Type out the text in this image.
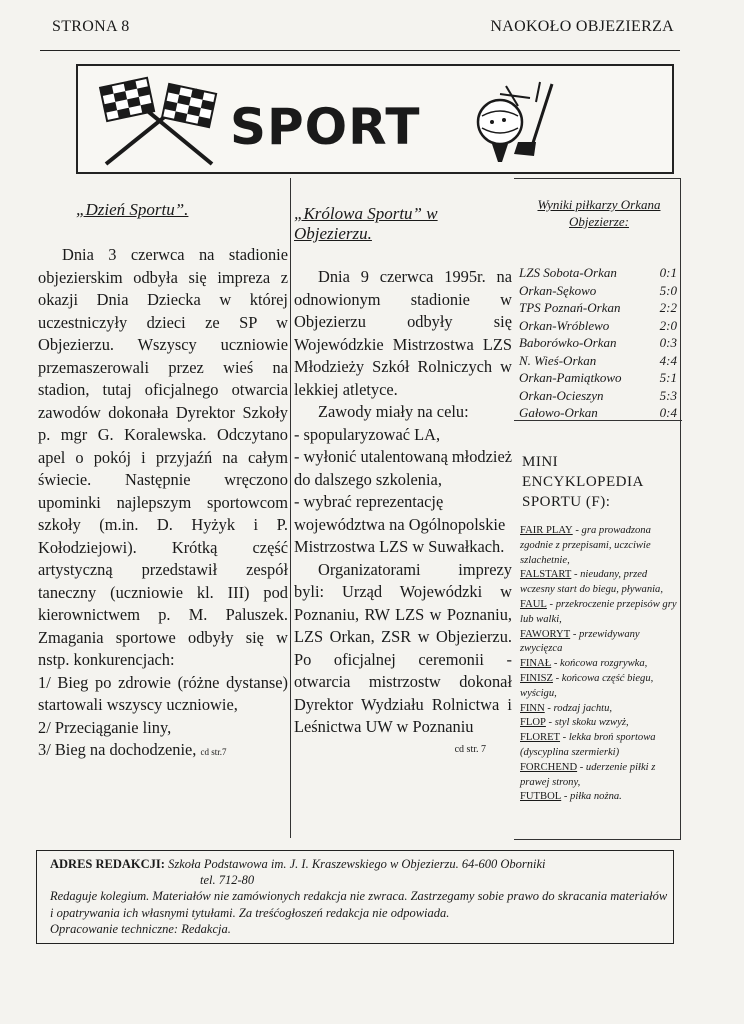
STRONA 8	NAOKOŁO OBJEZIERZA
SPORT
„Dzień Sportu”.

Dnia 3 czerwca na stadionie objezierskim odbyła się impreza z okazji Dnia Dziecka w której uczestniczyły dzieci ze SP w Objezierzu. Wszyscy uczniowie przemaszerowali przez wieś na stadion, tutaj oficjalnego otwarcia zawodów dokonała Dyrektor Szkoły p. mgr G. Koralewska. Odczytano apel o pokój i przyjaźń na całym świecie. Następnie wręczono upominki najlepszym sportowcom szkoły (m.in. D. Hyżyk i P. Kołodziejowi). Krótką część artystyczną przedstawił zespół taneczny (uczniowie kl. III) pod kierownictwem p. M. Paluszek. Zmagania sportowe odbyły się w nstp. konkurencjach:

1/ Bieg po zdrowie (różne dystanse) startowali wszyscy uczniowie,

2/ Przeciąganie liny,

3/ Bieg na dochodzenie, cd str.7

„Królowa Sportu” w Objezierzu.

Dnia 9 czerwca 1995r. na odnowionym stadionie w Objezierzu odbyły się Wojewódzkie Mistrzostwa LZS Młodzieży Szkół Rolniczych w lekkiej atletyce.

Zawody miały na celu:

- spopularyzować LA,

- wyłonić utalentowaną młodzież do dalszego szkolenia,

- wybrać reprezentację województwa na Ogólnopolskie Mistrzostwa LZS w Suwałkach.

Organizatorami imprezy byli: Urząd Wojewódzki w Poznaniu, RW LZS w Poznaniu, LZS Orkan, ZSR w Objezierzu. Po oficjalnej ceremonii - otwarcia mistrzostw dokonał Dyrektor Wydziału Rolnictwa i Leśnictwa UW w Poznaniu

cd str. 7

Wyniki piłkarzy Orkana Objezierze:
LZS Sobota-Orkan	0:1
Orkan-Sękowo	5:0
TPS Poznań-Orkan	2:2
Orkan-Wróblewo	2:0
Baborówko-Orkan	0:3
N. Wieś-Orkan	4:4
Orkan-Pamiątkowo	5:1
Orkan-Ocieszyn	5:3
Gałowo-Orkan	0:4
MINI
ENCYKLOPEDIA
SPORTU (F):
FAIR PLAY - gra prowadzona zgodnie z przepisami, uczciwie szlachetnie,
FALSTART - nieudany, przed wczesny start do biegu, pływania,
FAUL - przekroczenie przepisów gry lub walki,
FAWORYT - przewidywany zwycięzca
FINAŁ - końcowa rozgrywka,
FINISZ - końcowa część biegu, wyścigu,
FINN - rodzaj jachtu,
FLOP - styl skoku wzwyż,
FLORET - lekka broń sportowa (dyscyplina szermierki)
FORCHEND - uderzenie piłki z prawej strony,
FUTBOL - piłka nożna.
ADRES REDAKCJI: Szkoła Podstawowa im. J. I. Kraszewskiego w Objezierzu. 64-600 Oborniki
tel. 712-80
Redaguje kolegium. Materiałów nie zamówionych redakcja nie zwraca. Zastrzegamy sobie prawo do skracania materiałów i opatrywania ich własnymi tytułami. Za treśćogłoszeń redakcja nie odpowiada.
Opracowanie techniczne: Redakcja.
